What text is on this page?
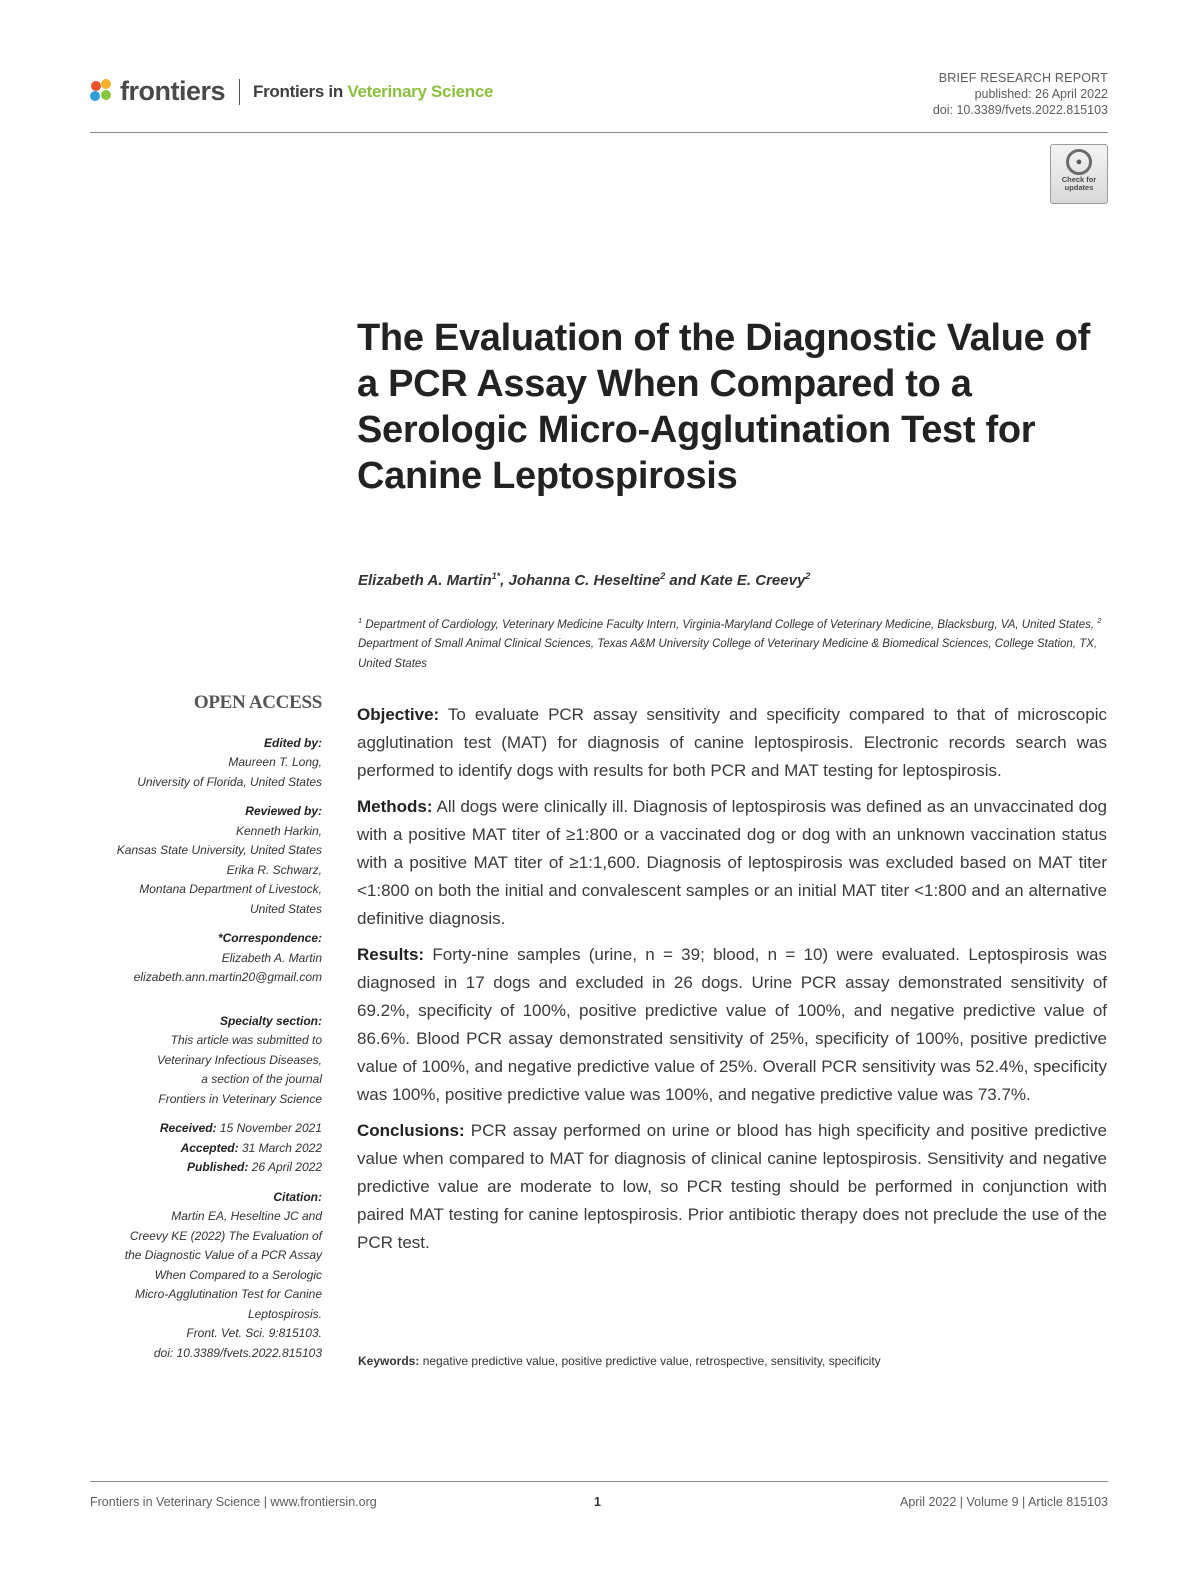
frontiers Frontiers in Veterinary Science
BRIEF RESEARCH REPORT
published: 26 April 2022
doi: 10.3389/fvets.2022.815103
●
Check for updates
The Evaluation of the Diagnostic Value of a PCR Assay When Compared to a Serologic Micro-Agglutination Test for Canine Leptospirosis
Elizabeth A. Martin$^{1*}$, Johanna C. Heseltine$^2$ and Kate E. Creevy$^2$
$^1$ Department of Cardiology, Veterinary Medicine Faculty Intern, Virginia-Maryland College of Veterinary Medicine, Blacksburg, VA, United States, $^2$ Department of Small Animal Clinical Sciences, Texas A&M University College of Veterinary Medicine & Biomedical Sciences, College Station, TX, United States
OPEN ACCESS
Edited by:
Maureen T. Long,
University of Florida, United States
Reviewed by:
Kenneth Harkin,
Kansas State University, United States
Erika R. Schwarz,
Montana Department of Livestock,
United States
*Correspondence:
Elizabeth A. Martin
elizabeth.ann.martin20@gmail.com
Specialty section:
This article was submitted to
Veterinary Infectious Diseases,
a section of the journal
Frontiers in Veterinary Science
Received: 15 November 2021
Accepted: 31 March 2022
Published: 26 April 2022
Citation:
Martin EA, Heseltine JC and
Creevy KE (2022) The Evaluation of
the Diagnostic Value of a PCR Assay
When Compared to a Serologic
Micro-Agglutination Test for Canine
Leptospirosis.
Front. Vet. Sci. 9:815103.
doi: 10.3389/fvets.2022.815103

Objective: To evaluate PCR assay sensitivity and specificity compared to that of microscopic agglutination test (MAT) for diagnosis of canine leptospirosis. Electronic records search was performed to identify dogs with results for both PCR and MAT testing for leptospirosis.

Methods: All dogs were clinically ill. Diagnosis of leptospirosis was defined as an unvaccinated dog with a positive MAT titer of ≥1:800 or a vaccinated dog or dog with an unknown vaccination status with a positive MAT titer of ≥1:1,600. Diagnosis of leptospirosis was excluded based on MAT titer <1:800 on both the initial and convalescent samples or an initial MAT titer <1:800 and an alternative definitive diagnosis.

Results: Forty-nine samples (urine, n = 39; blood, n = 10) were evaluated. Leptospirosis was diagnosed in 17 dogs and excluded in 26 dogs. Urine PCR assay demonstrated sensitivity of 69.2%, specificity of 100%, positive predictive value of 100%, and negative predictive value of 86.6%. Blood PCR assay demonstrated sensitivity of 25%, specificity of 100%, positive predictive value of 100%, and negative predictive value of 25%. Overall PCR sensitivity was 52.4%, specificity was 100%, positive predictive value was 100%, and negative predictive value was 73.7%.

Conclusions: PCR assay performed on urine or blood has high specificity and positive predictive value when compared to MAT for diagnosis of clinical canine leptospirosis. Sensitivity and negative predictive value are moderate to low, so PCR testing should be performed in conjunction with paired MAT testing for canine leptospirosis. Prior antibiotic therapy does not preclude the use of the PCR test.

Keywords: negative predictive value, positive predictive value, retrospective, sensitivity, specificity
Frontiers in Veterinary Science | www.frontiersin.org	1	April 2022 | Volume 9 | Article 815103
